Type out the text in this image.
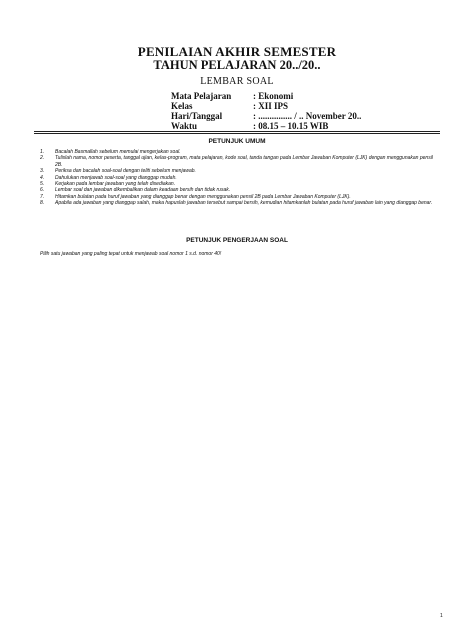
PENILAIAN AKHIR SEMESTER
TAHUN PELAJARAN 20../20..
LEMBAR SOAL
Mata Pelajaran	: Ekonomi
Kelas	: XII IPS
Hari/Tanggal	: ............... / .. November 20..
Waktu	: 08.15 – 10.15 WIB
PETUNJUK UMUM
1.	Bacalah Basmallah sebelum memulai mengerjakan soal.
2.	Tulislah nama, nomor peserta, tanggal ujian, kelas-program, mata pelajaran, kode soal, tanda tangan pada Lembar Jawaban Komputer (LJK) dengan menggunakan pensil 2B.
3.	Periksa dan bacalah soal-soal dengan teliti sebelum menjawab.
4.	Dahulukan menjawab soal-soal yang dianggap mudah.
5.	Kerjakan pada lembar jawaban yang telah disediakan.
6.	Lembar soal dan jawaban dikembalikan dalam keadaan bersih dan tidak rusak.
7.	Hitamkan bulatan pada huruf jawaban yang dianggap benar dengan menggunakan pensil 2B pada Lembar Jawaban Komputer (LJK).
8.	Apabila ada jawaban yang dianggap salah, maka hapuslah jawaban tersebut sampai bersih, kemudian hitamkanlah bulatan pada huruf jawaban lain yang dianggap benar.
PETUNJUK PENGERJAAN SOAL
Pilih satu jawaban yang paling tepat untuk menjawab soal nomor 1 s.d. nomor 40!
1
